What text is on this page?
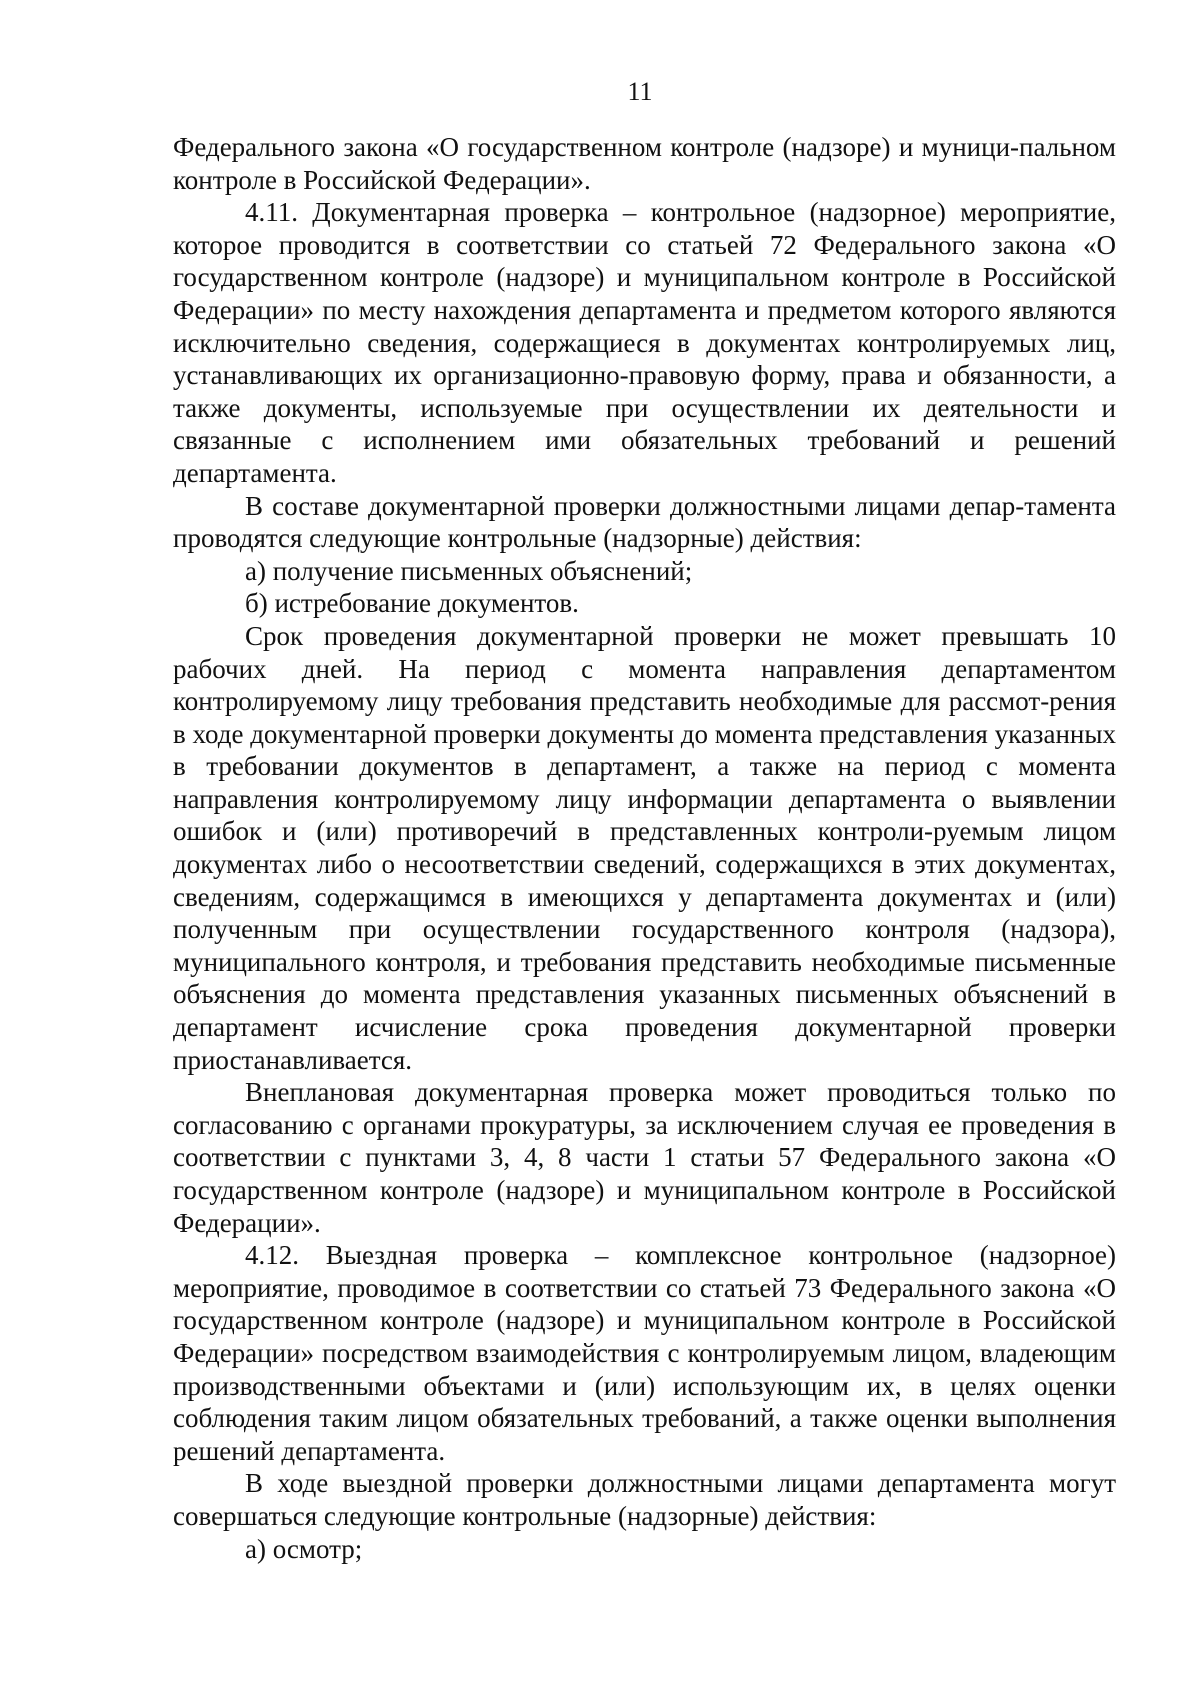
11

Федерального закона «О государственном контроле (надзоре) и муници-пальном контроле в Российской Федерации».

4.11. Документарная проверка – контрольное (надзорное) мероприятие, которое проводится в соответствии со статьей 72 Федерального закона «О государственном контроле (надзоре) и муниципальном контроле в Российской Федерации» по месту нахождения департамента и предметом которого являются исключительно сведения, содержащиеся в документах контролируемых лиц, устанавливающих их организационно-правовую форму, права и обязанности, а также документы, используемые при осуществлении их деятельности и связанные с исполнением ими обязательных требований и решений департамента.

В составе документарной проверки должностными лицами депар-тамента проводятся следующие контрольные (надзорные) действия:

а) получение письменных объяснений;

б) истребование документов.

Срок проведения документарной проверки не может превышать 10 рабочих дней. На период с момента направления департаментом контролируемому лицу требования представить необходимые для рассмот-рения в ходе документарной проверки документы до момента представления указанных в требовании документов в департамент, а также на период с момента направления контролируемому лицу информации департамента о выявлении ошибок и (или) противоречий в представленных контроли-руемым лицом документах либо о несоответствии сведений, содержащихся в этих документах, сведениям, содержащимся в имеющихся у департамента документах и (или) полученным при осуществлении государственного контроля (надзора), муниципального контроля, и требования представить необходимые письменные объяснения до момента представления указанных письменных объяснений в департамент исчисление срока проведения документарной проверки приостанавливается.

Внеплановая документарная проверка может проводиться только по согласованию с органами прокуратуры, за исключением случая ее проведения в соответствии с пунктами 3, 4, 8 части 1 статьи 57 Федерального закона «О государственном контроле (надзоре) и муниципальном контроле в Российской Федерации».

4.12. Выездная проверка – комплексное контрольное (надзорное) мероприятие, проводимое в соответствии со статьей 73 Федерального закона «О государственном контроле (надзоре) и муниципальном контроле в Российской Федерации» посредством взаимодействия с контролируемым лицом, владеющим производственными объектами и (или) использующим их, в целях оценки соблюдения таким лицом обязательных требований, а также оценки выполнения решений департамента.

В ходе выездной проверки должностными лицами департамента могут совершаться следующие контрольные (надзорные) действия:

а) осмотр;
